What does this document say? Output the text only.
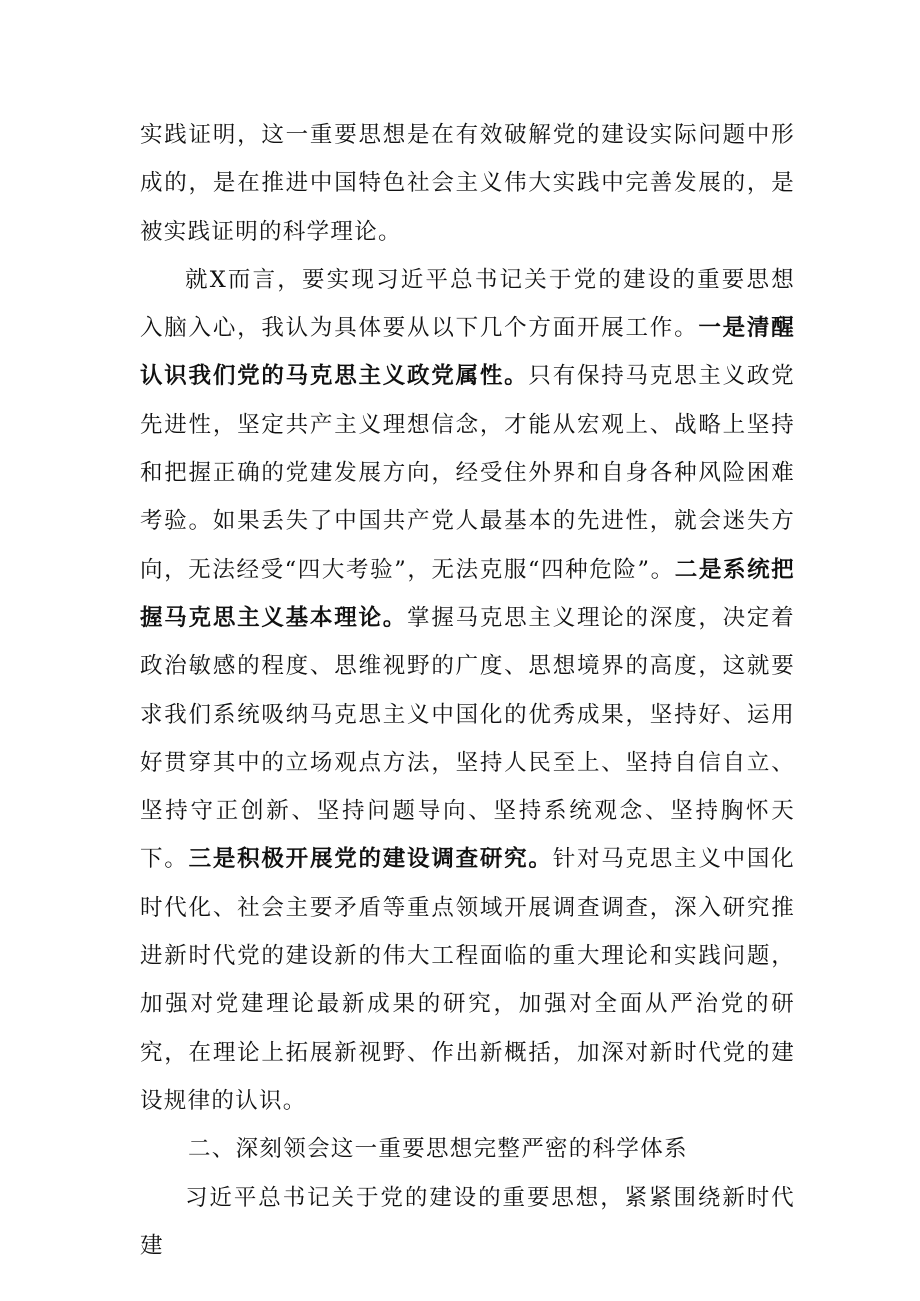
实践证明，这一重要思想是在有效破解党的建设实际问题中形成的，是在推进中国特色社会主义伟大实践中完善发展的，是被实践证明的科学理论。

就X而言，要实现习近平总书记关于党的建设的重要思想入脑入心，我认为具体要从以下几个方面开展工作。一是清醒认识我们党的马克思主义政党属性。只有保持马克思主义政党先进性，坚定共产主义理想信念，才能从宏观上、战略上坚持和把握正确的党建发展方向，经受住外界和自身各种风险困难考验。如果丢失了中国共产党人最基本的先进性，就会迷失方向，无法经受“四大考验”，无法克服“四种危险”。二是系统把握马克思主义基本理论。掌握马克思主义理论的深度，决定着政治敏感的程度、思维视野的广度、思想境界的高度，这就要求我们系统吸纳马克思主义中国化的优秀成果，坚持好、运用好贯穿其中的立场观点方法，坚持人民至上、坚持自信自立、坚持守正创新、坚持问题导向、坚持系统观念、坚持胸怀天下。三是积极开展党的建设调查研究。针对马克思主义中国化时代化、社会主要矛盾等重点领域开展调查调查，深入研究推进新时代党的建设新的伟大工程面临的重大理论和实践问题，加强对党建理论最新成果的研究，加强对全面从严治党的研究，在理论上拓展新视野、作出新概括，加深对新时代党的建设规律的认识。

二、深刻领会这一重要思想完整严密的科学体系

习近平总书记关于党的建设的重要思想，紧紧围绕新时代建
